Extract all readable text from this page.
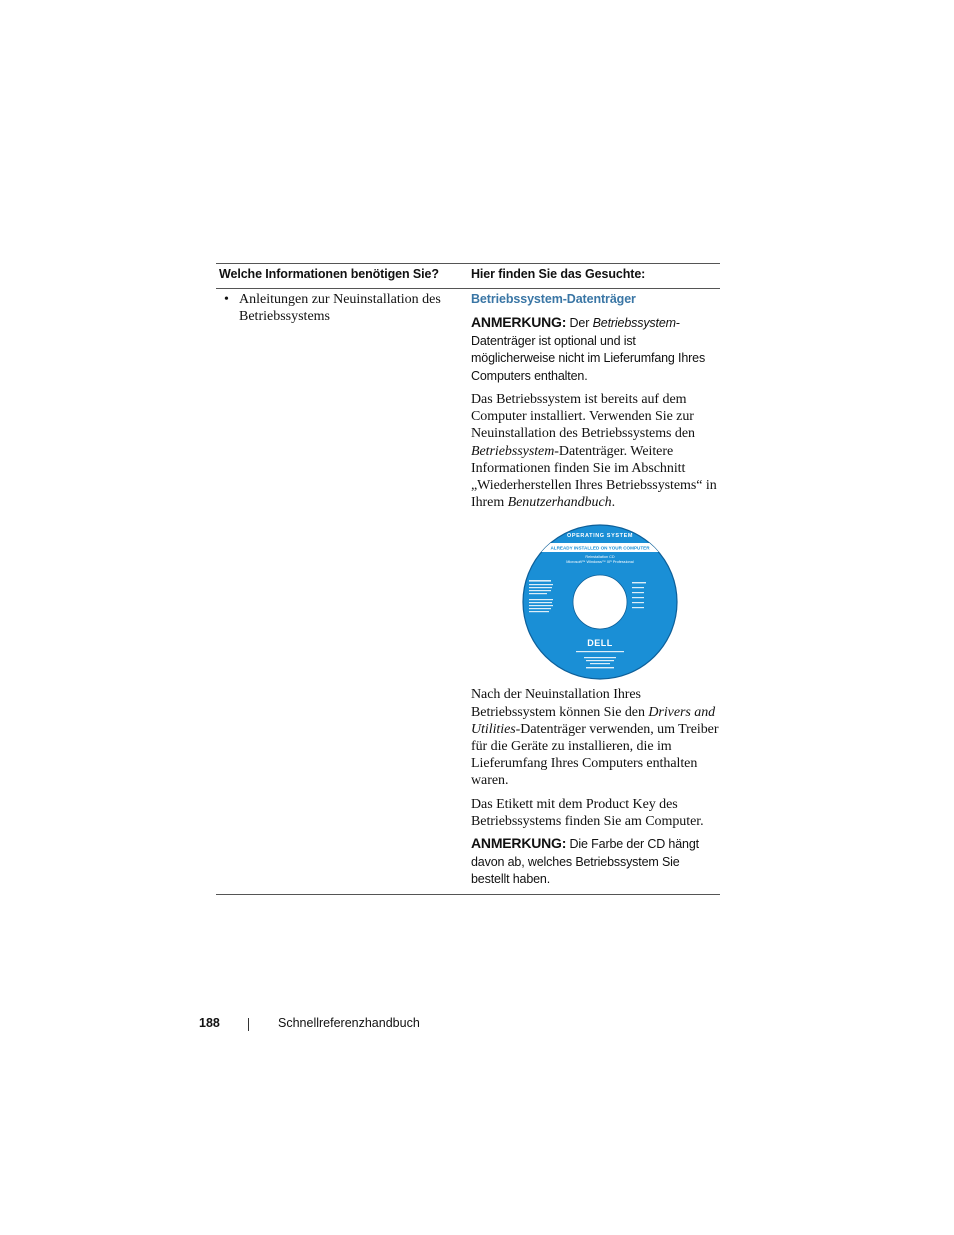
Welche Informationen benötigen Sie?	Hier finden Sie das Gesuchte:
• Anleitungen zur Neuinstallation des Betriebssystems
Betriebssystem-Datenträger
ANMERKUNG: Der Betriebssystem-Datenträger ist optional und ist möglicherweise nicht im Lieferumfang Ihres Computers enthalten.
Das Betriebssystem ist bereits auf dem Computer installiert. Verwenden Sie zur Neuinstallation des Betriebssystems den Betriebssystem-Datenträger. Weitere Informationen finden Sie im Abschnitt „Wiederherstellen Ihres Betriebssystems“ in Ihrem Benutzerhandbuch.
OPERATING SYSTEM
ALREADY INSTALLED ON YOUR COMPUTER
Reinstallation CD
Microsoft™ Windows™ XP Professional
DELL
Nach der Neuinstallation Ihres Betriebssystem können Sie den Drivers and Utilities-Datenträger verwenden, um Treiber für die Geräte zu installieren, die im Lieferumfang Ihres Computers enthalten waren.
Das Etikett mit dem Product Key des Betriebssystems finden Sie am Computer.
ANMERKUNG: Die Farbe der CD hängt davon ab, welches Betriebssystem Sie bestellt haben.
188	Schnellreferenzhandbuch
